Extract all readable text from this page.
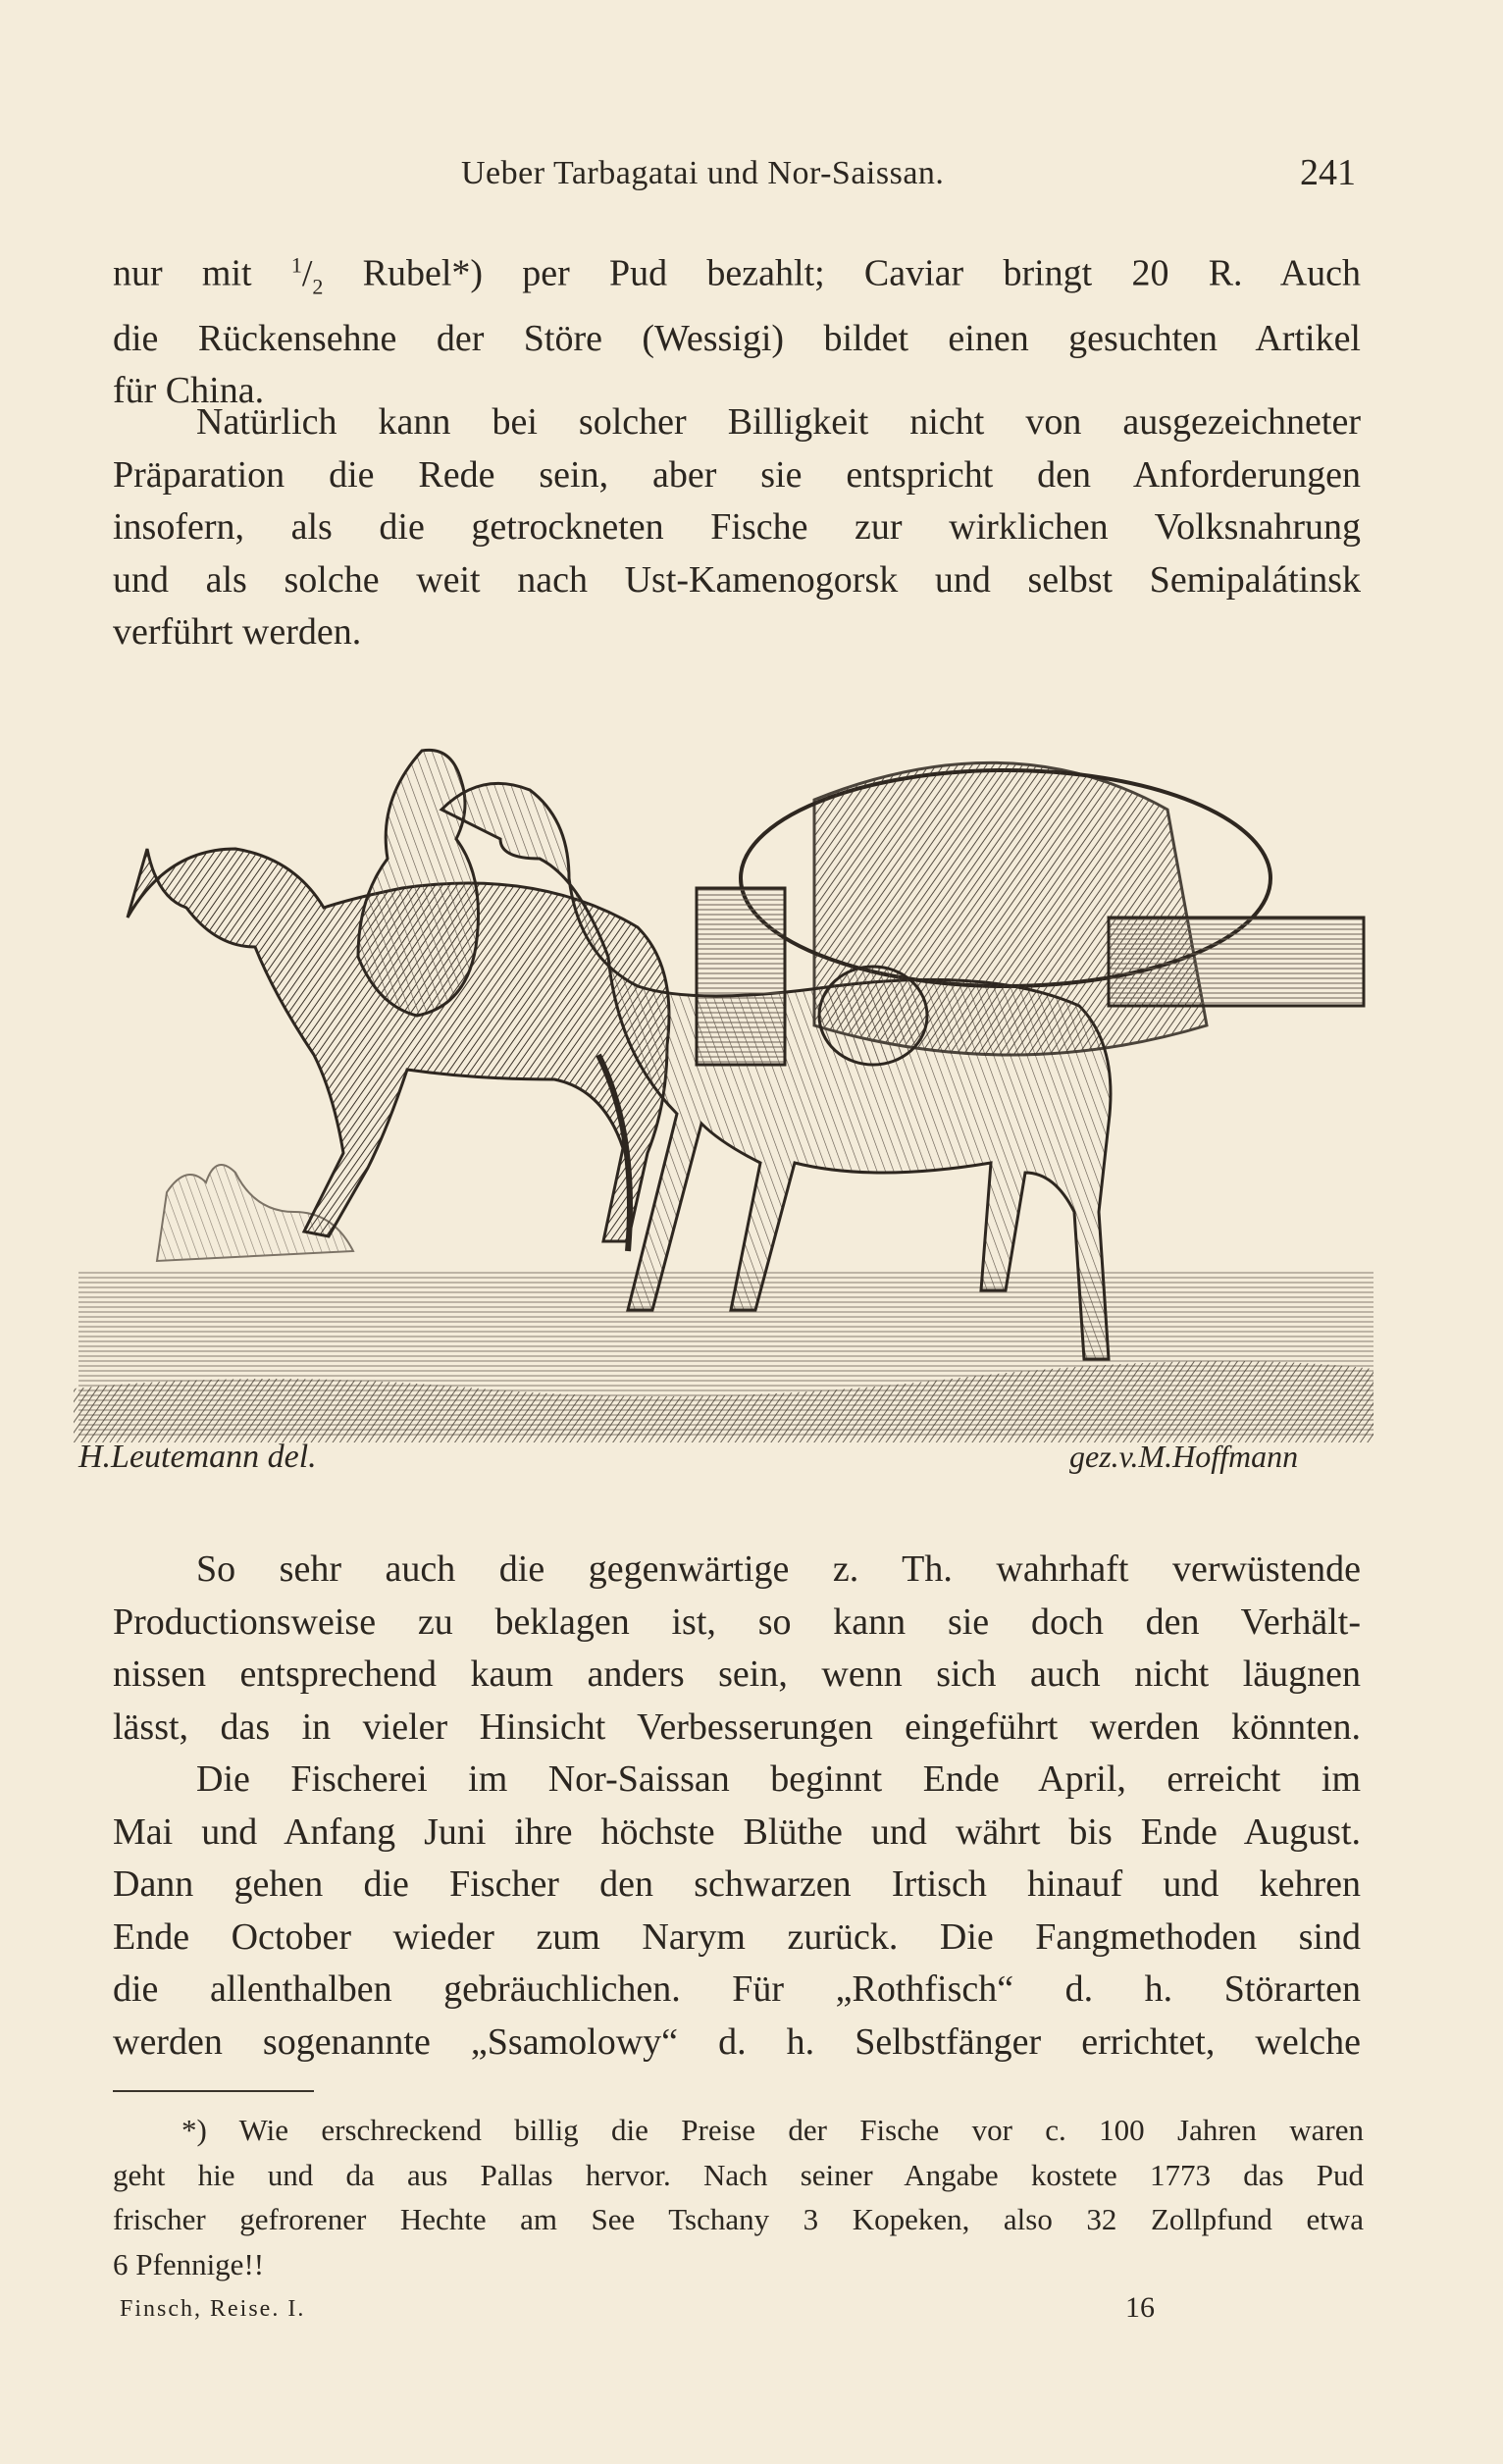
Ueber Tarbagatai und Nor-Saissan.	241
nur mit $^1/_2$ Rubel*) per Pud bezahlt; Caviar bringt 20 R. Auch
die Rückensehne der Störe (Wessigi) bildet einen gesuchten Artikel
für China.
Natürlich kann bei solcher Billigkeit nicht von ausgezeichneter
Präparation die Rede sein, aber sie entspricht den Anforderungen
insofern, als die getrockneten Fische zur wirklichen Volksnahrung
und als solche weit nach Ust-Kamenogorsk und selbst Semipalátinsk
verführt werden.
H.Leutemann del.	gez.v.M.Hoffmann
So sehr auch die gegenwärtige z. Th. wahrhaft verwüstende
Productionsweise zu beklagen ist, so kann sie doch den Verhält-
nissen entsprechend kaum anders sein, wenn sich auch nicht läugnen
lässt, das in vieler Hinsicht Verbesserungen eingeführt werden könnten.
Die Fischerei im Nor-Saissan beginnt Ende April, erreicht im
Mai und Anfang Juni ihre höchste Blüthe und währt bis Ende August.
Dann gehen die Fischer den schwarzen Irtisch hinauf und kehren
Ende October wieder zum Narym zurück. Die Fangmethoden sind
die allenthalben gebräuchlichen. Für „Rothfisch“ d. h. Störarten
werden sogenannte „Ssamolowy“ d. h. Selbstfänger errichtet, welche
*) Wie erschreckend billig die Preise der Fische vor c. 100 Jahren waren
geht hie und da aus Pallas hervor. Nach seiner Angabe kostete 1773 das Pud
frischer gefrorener Hechte am See Tschany 3 Kopeken, also 32 Zollpfund etwa
6 Pfennige!!
Finsch, Reise. I.	16
